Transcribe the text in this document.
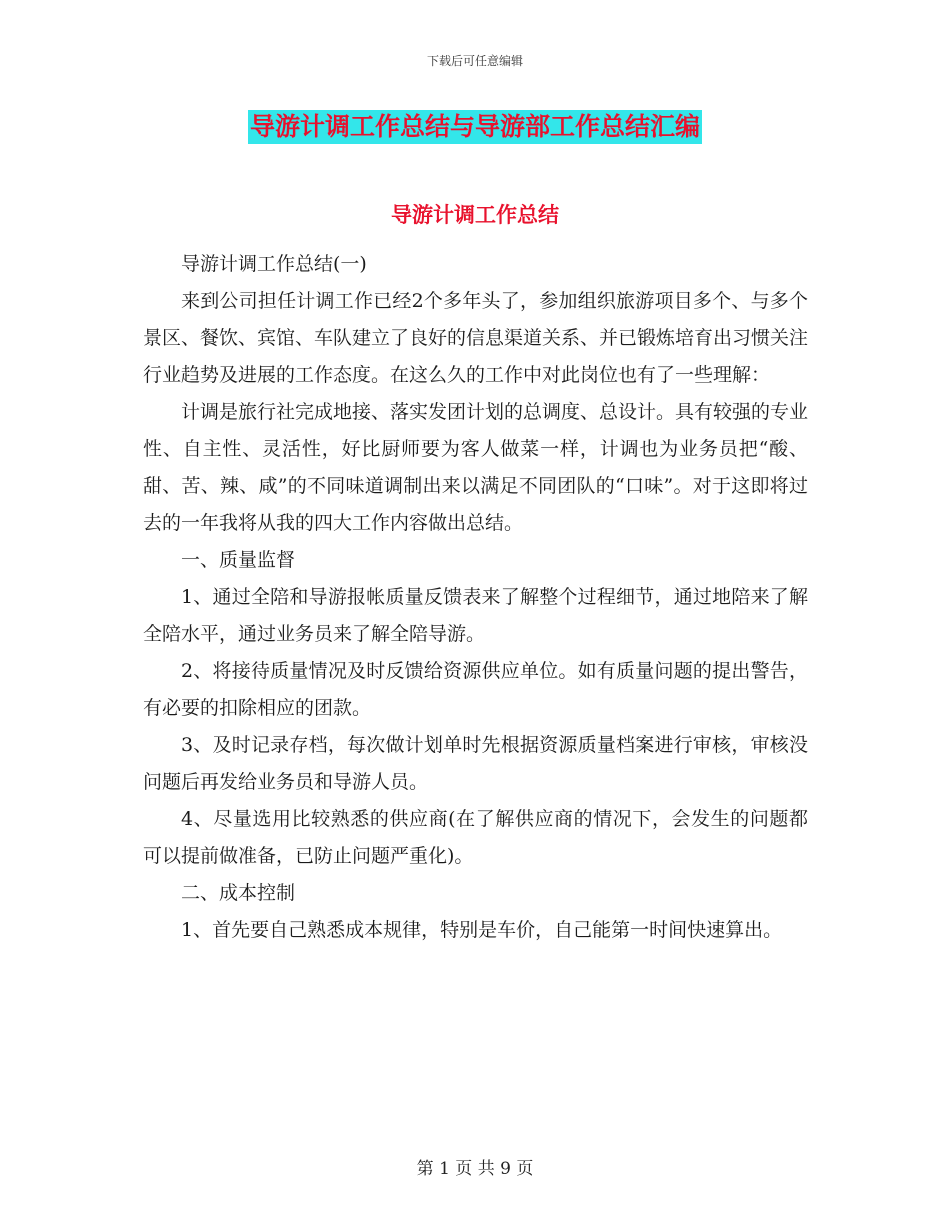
下载后可任意编辑
导游计调工作总结与导游部工作总结汇编
导游计调工作总结

导游计调工作总结(一)

来到公司担任计调工作已经2个多年头了，参加组织旅游项目多个、与多个景区、餐饮、宾馆、车队建立了良好的信息渠道关系、并已锻炼培育出习惯关注行业趋势及进展的工作态度。在这么久的工作中对此岗位也有了一些理解：

计调是旅行社完成地接、落实发团计划的总调度、总设计。具有较强的专业性、自主性、灵活性，好比厨师要为客人做菜一样，计调也为业务员把“酸、甜、苦、辣、咸”的不同味道调制出来以满足不同团队的“口味”。对于这即将过去的一年我将从我的四大工作内容做出总结。

一、质量监督

1、通过全陪和导游报帐质量反馈表来了解整个过程细节，通过地陪来了解全陪水平，通过业务员来了解全陪导游。

2、将接待质量情况及时反馈给资源供应单位。如有质量问题的提出警告，有必要的扣除相应的团款。

3、及时记录存档，每次做计划单时先根据资源质量档案进行审核，审核没问题后再发给业务员和导游人员。

4、尽量选用比较熟悉的供应商(在了解供应商的情况下，会发生的问题都可以提前做准备，已防止问题严重化)。

二、成本控制

1、首先要自己熟悉成本规律，特别是车价，自己能第一时间快速算出。

第 1 页 共 9 页
